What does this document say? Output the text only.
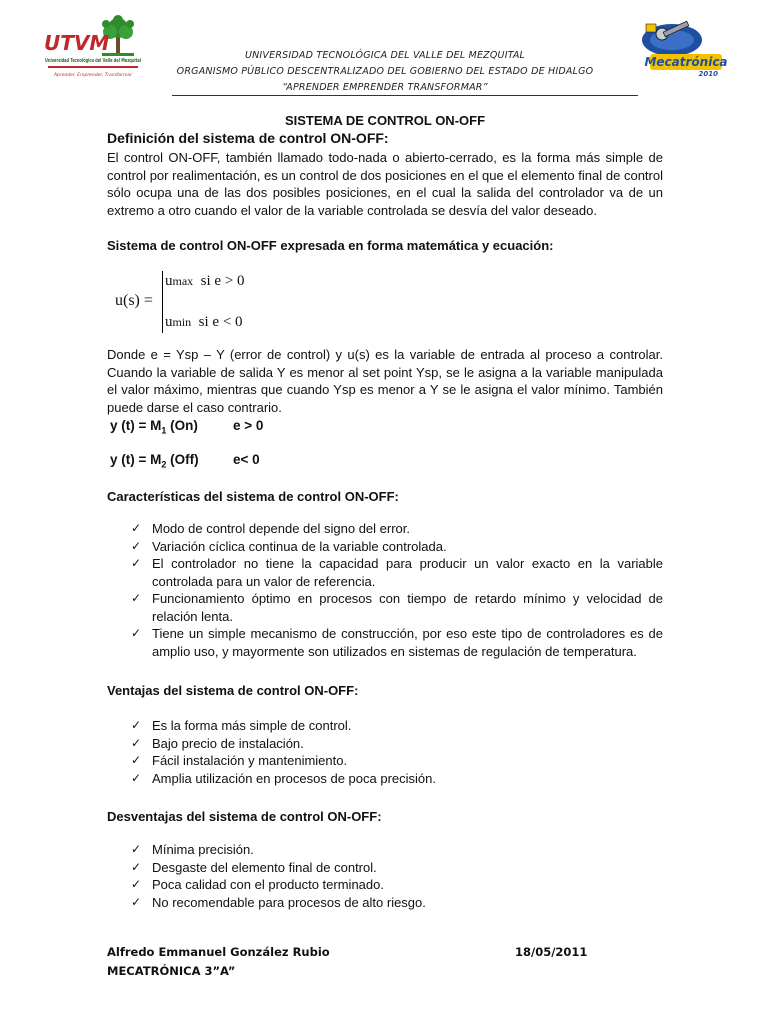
UTVM
Universidad Tecnológica del Valle del Mezquital
Aprender, Emprender, Transformar
Mecatrónica
2010
UNIVERSIDAD TECNOLÓGICA DEL VALLE DEL MEZQUITAL
ORGANISMO PÚBLICO DESCENTRALIZADO DEL GOBIERNO DEL ESTADO DE HIDALGO
“APRENDER EMPRENDER TRANSFORMAR”
SISTEMA DE CONTROL ON-OFF
Definición del sistema de control ON-OFF:
El control ON-OFF, también llamado todo-nada o abierto-cerrado, es la forma más simple de control por realimentación, es un control de dos posiciones en el que el elemento final de control sólo ocupa una de las dos posibles posiciones, en el cual la salida del controlador va de un extremo a otro cuando el valor de la variable controlada se desvía del valor deseado.
Sistema de control ON-OFF expresada en forma matemática y ecuación:
u(s) =
umax si e > 0
umin si e < 0
Donde e = Ysp – Y (error de control) y u(s) es la variable de entrada al proceso a controlar. Cuando la variable de salida Y es menor al set point Ysp, se le asigna a la variable manipulada el valor máximo, mientras que cuando Ysp es menor a Y se le asigna el valor mínimo. También puede darse el caso contrario.
y $(t) = M_1$ (On)	e > 0
y $(t) = M_2$ (Off)	e< 0
Características del sistema de control ON-OFF:
✓ Modo de control depende del signo del error.
✓ Variación cíclica continua de la variable controlada.
✓ El controlador no tiene la capacidad para producir un valor exacto en la variable controlada para un valor de referencia.
✓ Funcionamiento óptimo en procesos con tiempo de retardo mínimo y velocidad de relación lenta.
✓ Tiene un simple mecanismo de construcción, por eso este tipo de controladores es de amplio uso, y mayormente son utilizados en sistemas de regulación de temperatura.
Ventajas del sistema de control ON-OFF:
✓ Es la forma más simple de control.
✓ Bajo precio de instalación.
✓ Fácil instalación y mantenimiento.
✓ Amplia utilización en procesos de poca precisión.
Desventajas del sistema de control ON-OFF:
✓ Mínima precisión.
✓ Desgaste del elemento final de control.
✓ Poca calidad con el producto terminado.
✓ No recomendable para procesos de alto riesgo.
Alfredo Emmanuel González Rubio
MECATRÓNICA 3”A”
18/05/2011
